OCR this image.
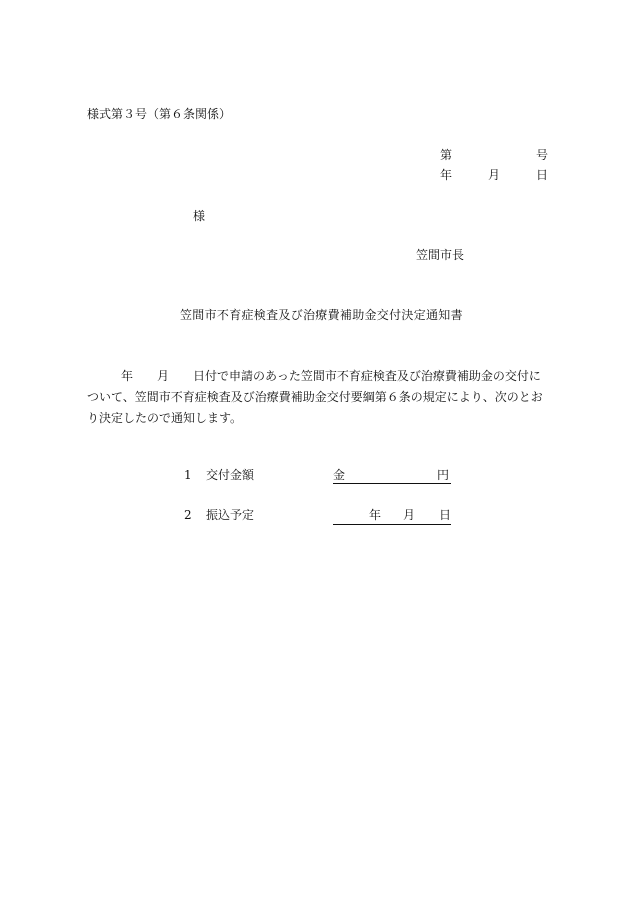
様式第３号（第６条関係）
第	号
年	月	日
様
笠間市長
笠間市不育症検査及び治療費補助金交付決定通知書
年 月 日付で申請のあった笠間市不育症検査及び治療費補助金の交付について、笠間市不育症検査及び治療費補助金交付要綱第６条の規定により、次のとおり決定したので通知します。
1 交付金額	金	円
2 振込予定	年 月 日
